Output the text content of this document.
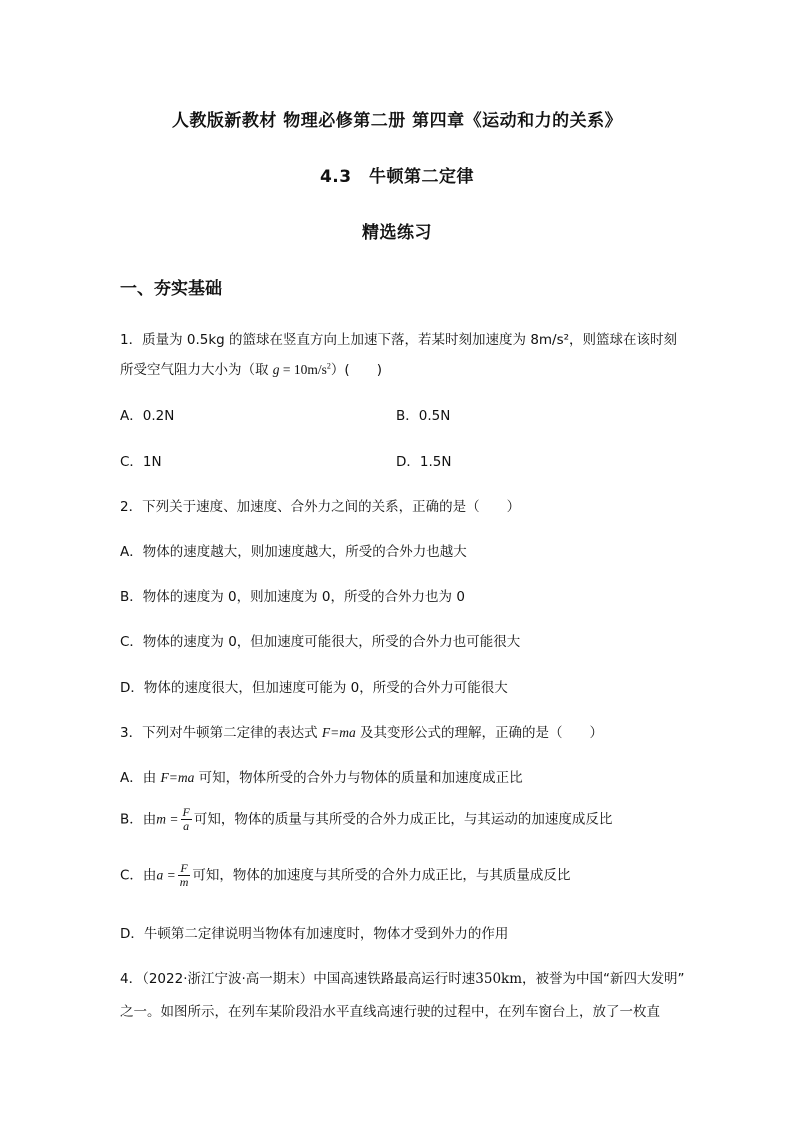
人教版新教材 物理必修第二册 第四章《运动和力的关系》
4.3　牛顿第二定律
精选练习
一、夯实基础
1．质量为 0.5kg 的篮球在竖直方向上加速下落，若某时刻加速度为 8m/s²，则篮球在该时刻
所受空气阻力大小为（取 $g = 10m/s^2$）(　　)
A．0.2N	B．0.5N
C．1N	D．1.5N
2．下列关于速度、加速度、合外力之间的关系，正确的是（　　）
A．物体的速度越大，则加速度越大，所受的合外力也越大
B．物体的速度为 0，则加速度为 0，所受的合外力也为 0
C．物体的速度为 0，但加速度可能很大，所受的合外力也可能很大
D．物体的速度很大，但加速度可能为 0，所受的合外力可能很大
3．下列对牛顿第二定律的表达式 F=ma 及其变形公式的理解，正确的是（　　）
A．由 F=ma 可知，物体所受的合外力与物体的质量和加速度成正比
B．由$m = \frac{F}{a}$ 可知，物体的质量与其所受的合外力成正比，与其运动的加速度成反比
C．由$a = \frac{F}{m}$ 可知，物体的加速度与其所受的合外力成正比，与其质量成反比
D．牛顿第二定律说明当物体有加速度时，物体才受到外力的作用
4．（2022·浙江宁波·高一期末）中国高速铁路最高运行时速350km，被誉为中国“新四大发明”
之一。如图所示，在列车某阶段沿水平直线高速行驶的过程中，在列车窗台上，放了一枚直
